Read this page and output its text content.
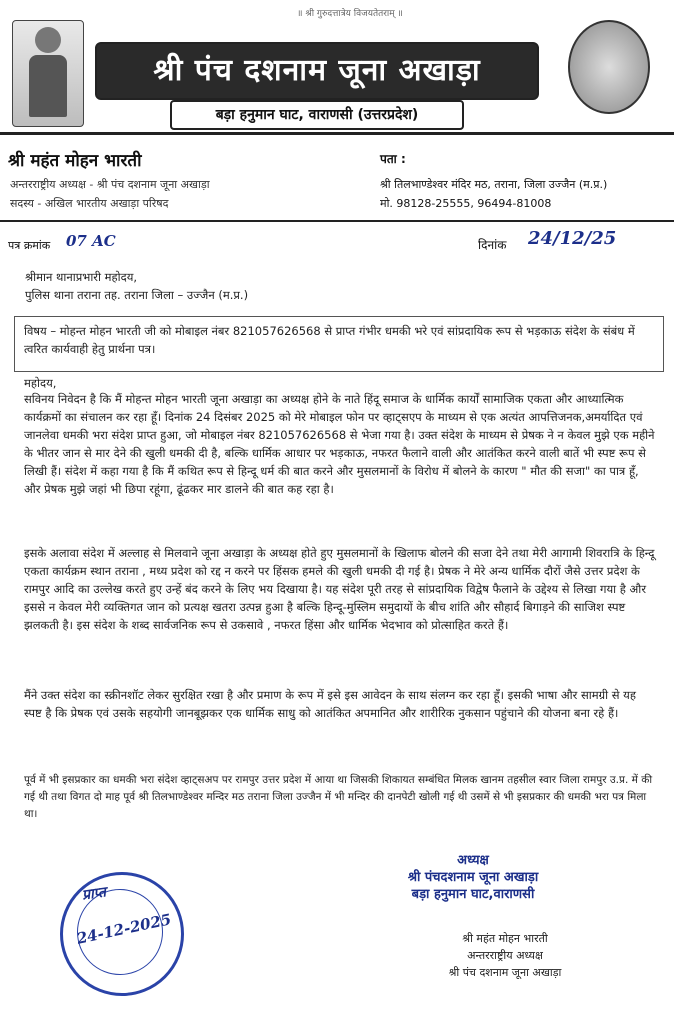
॥ श्री गुरुदत्तात्रेय विजयतेतराम् ॥
श्री पंच दशनाम जूना अखाड़ा
बड़ा हनुमान घाट, वाराणसी (उत्तरप्रदेश)
श्री महंत मोहन भारती
अन्तरराष्ट्रीय अध्यक्ष - श्री पंच दशनाम जूना अखाड़ा
सदस्य - अखिल भारतीय अखाड़ा परिषद
पता :
श्री तिलभाण्डेश्वर मंदिर मठ, तराना, जिला उज्जैन (म.प्र.)
मो. 98128-25555, 96494-81008
पत्र क्रमांक 07 AC	दिनांक 24/12/25
श्रीमान थानाप्रभारी महोदय,
पुलिस थाना तराना तह. तराना जिला – उज्जैन (म.प्र.)
विषय – मोहन्त मोहन भारती जी को मोबाइल नंबर 821057626568 से प्राप्त गंभीर धमकी भरे एवं सांप्रदायिक रूप से भड़काऊ संदेश के संबंध में त्वरित कार्यवाही हेतु प्रार्थना पत्र।
महोदय,
सविनय निवेदन है कि मैं मोहन्त मोहन भारती जूना अखाड़ा का अध्यक्ष होने के नाते हिंदू समाज के धार्मिक कार्यों सामाजिक एकता और आध्यात्मिक कार्यक्रमों का संचालन कर रहा हूँ। दिनांक 24 दिसंबर 2025 को मेरे मोबाइल फोन पर व्हाट्सएप के माध्यम से एक अत्यंत आपत्तिजनक,अमर्यादित एवं जानलेवा धमकी भरा संदेश प्राप्त हुआ, जो मोबाइल नंबर 821057626568 से भेजा गया है। उक्त संदेश के माध्यम से प्रेषक ने न केवल मुझे एक महीने के भीतर जान से मार देने की खुली धमकी दी है, बल्कि धार्मिक आधार पर भड़काऊ, नफरत फैलाने वाली और आतंकित करने वाली बातें भी स्पष्ट रूप से लिखी हैं। संदेश में कहा गया है कि मैं कथित रूप से हिन्दू धर्म की बात करने और मुसलमानों के विरोध में बोलने के कारण " मौत की सजा" का पात्र हूँ, और प्रेषक मुझे जहां भी छिपा रहूंगा, ढूंढकर मार डालने की बात कह रहा है।
इसके अलावा संदेश में अल्लाह से मिलवाने जूना अखाड़ा के अध्यक्ष होते हुए मुसलमानों के खिलाफ बोलने की सजा देने तथा मेरी आगामी शिवरात्रि के हिन्दू एकता कार्यक्रम स्थान तराना , मध्य प्रदेश को रद्द न करने पर हिंसक हमले की खुली धमकी दी गई है। प्रेषक ने मेरे अन्य धार्मिक दौरों जैसे उत्तर प्रदेश के रामपुर आदि का उल्लेख करते हुए उन्हें बंद करने के लिए भय दिखाया है। यह संदेश पूरी तरह से सांप्रदायिक विद्वेष फैलाने के उद्देश्य से लिखा गया है और इससे न केवल मेरी व्यक्तिगत जान को प्रत्यक्ष खतरा उत्पन्न हुआ है बल्कि हिन्दू-मुस्लिम समुदायों के बीच शांति और सौहार्द बिगाड़ने की साजिश स्पष्ट झलकती है। इस संदेश के शब्द सार्वजनिक रूप से उकसावे , नफरत हिंसा और धार्मिक भेदभाव को प्रोत्साहित करते हैं।
मैंने उक्त संदेश का स्क्रीनशॉट लेकर सुरक्षित रखा है और प्रमाण के रूप में इसे इस आवेदन के साथ संलग्न कर रहा हूँ। इसकी भाषा और सामग्री से यह स्पष्ट है कि प्रेषक एवं उसके सहयोगी जानबूझकर एक धार्मिक साधु को आतंकित अपमानित और शारीरिक नुकसान पहुंचाने की योजना बना रहे हैं।
पूर्व में भी इसप्रकार का धमकी भरा संदेश व्हाट्सअप पर रामपुर उत्तर प्रदेश में आया था जिसकी शिकायत सम्बंधित मिलक खानम तहसील स्वार जिला रामपुर उ.प्र. में की गई थी तथा विगत दो माह पूर्व श्री तिलभाण्डेश्वर मन्दिर मठ तराना जिला उज्जैन में भी मन्दिर की दानपेटी खोली गई थी उसमें से भी इसप्रकार की धमकी भरा पत्र मिला था।
अध्यक्ष
श्री पंचदशनाम जूना अखाड़ा
बड़ा हनुमान घाट,वाराणसी
श्री महंत मोहन भारती
अन्तरराष्ट्रीय अध्यक्ष
श्री पंच दशनाम जूना अखाड़ा
प्राप्त
24-12-2025
